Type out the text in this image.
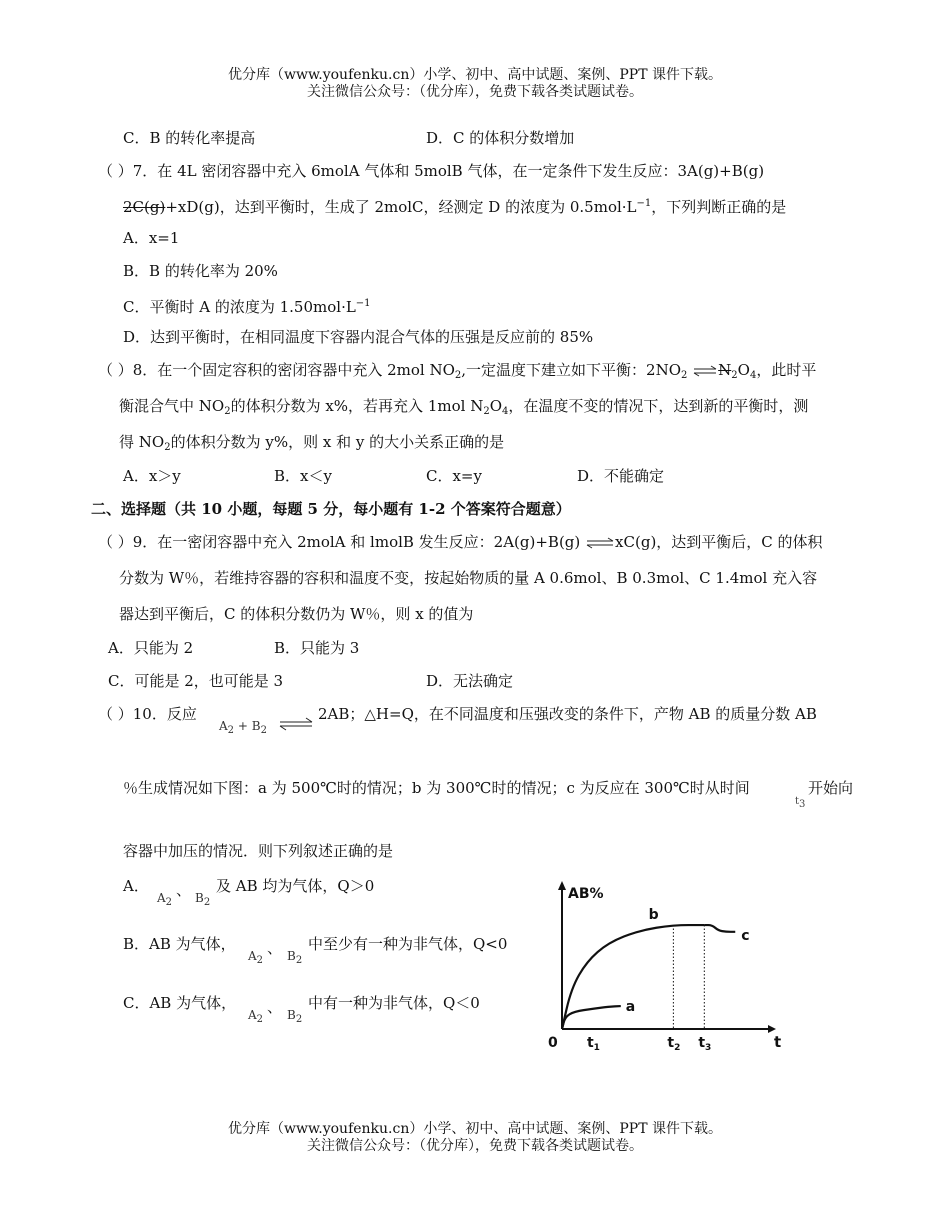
优分库（www.youfenku.cn）小学、初中、高中试题、案例、PPT 课件下载。
关注微信公众号：（优分库），免费下载各类试题试卷。
C．B 的转化率提高	D．C 的体积分数增加
（ ）7．在 4L 密闭容器中充入 6molA 气体和 5molB 气体，在一定条件下发生反应：3A(g)+B(g)
2C(g)+xD(g)，达到平衡时，生成了 2molC，经测定 D 的浓度为 $0.5mol\cdot L^{-1}$，下列判断正确的是
A．x=1
B．B 的转化率为 20%
C．平衡时 A 的浓度为 $1.50mol\cdot L^{-1}$
D．达到平衡时，在相同温度下容器内混合气体的压强是反应前的 85%
（ ）8．在一个固定容积的密闭容器中充入 2mol $NO_2$,一定温度下建立如下平衡：$2NO_2$ $\rightleftharpoons N_2O_4$，此时平
衡混合气中 $NO_2$的体积分数为 x%，若再充入 1mol $N_2O_4$，在温度不变的情况下，达到新的平衡时，测
得 $NO_2$的体积分数为 y%，则 x 和 y 的大小关系正确的是
A．x＞y	B．x＜y	C．x=y	D．不能确定
二、选择题（共 10 小题，每题 5 分，每小题有 1-2 个答案符合题意）
（ ）9．在一密闭容器中充入 2molA 和 lmolB 发生反应：2A(g)+B(g) ⇌xC(g)，达到平衡后，C 的体积
分数为 W％，若维持容器的容积和温度不变，按起始物质的量 A 0.6mol、B 0.3mol、C 1.4mol 充入容
器达到平衡后，C 的体积分数仍为 W％，则 x 的值为
A．只能为 2	B．只能为 3
C．可能是 2，也可能是 3	D．无法确定
（ ）10．反应
$A_2 + B_2$ ⇌
2AB；△H=Q，在不同温度和压强改变的条件下，产物 AB 的质量分数 AB
％生成情况如下图：a 为 500℃时的情况；b 为 300℃时的情况；c 为反应在 300℃时从时间
t3
开始向
容器中加压的情况．则下列叙述正确的是
A．
$A_2$
、 $B_2$
及 AB 均为气体，Q＞0
B．AB 为气体，
$A_2$
、 $B_2$
中至少有一种为非气体，Q<0
C．AB 为气体，
$A_2$
、 $B_2$
中有一种为非气体，Q＜0
AB%
t
0 $t_1$	$t_2$ $t_3$
a
b
c
优分库（www.youfenku.cn）小学、初中、高中试题、案例、PPT 课件下载。
关注微信公众号：（优分库），免费下载各类试题试卷。
